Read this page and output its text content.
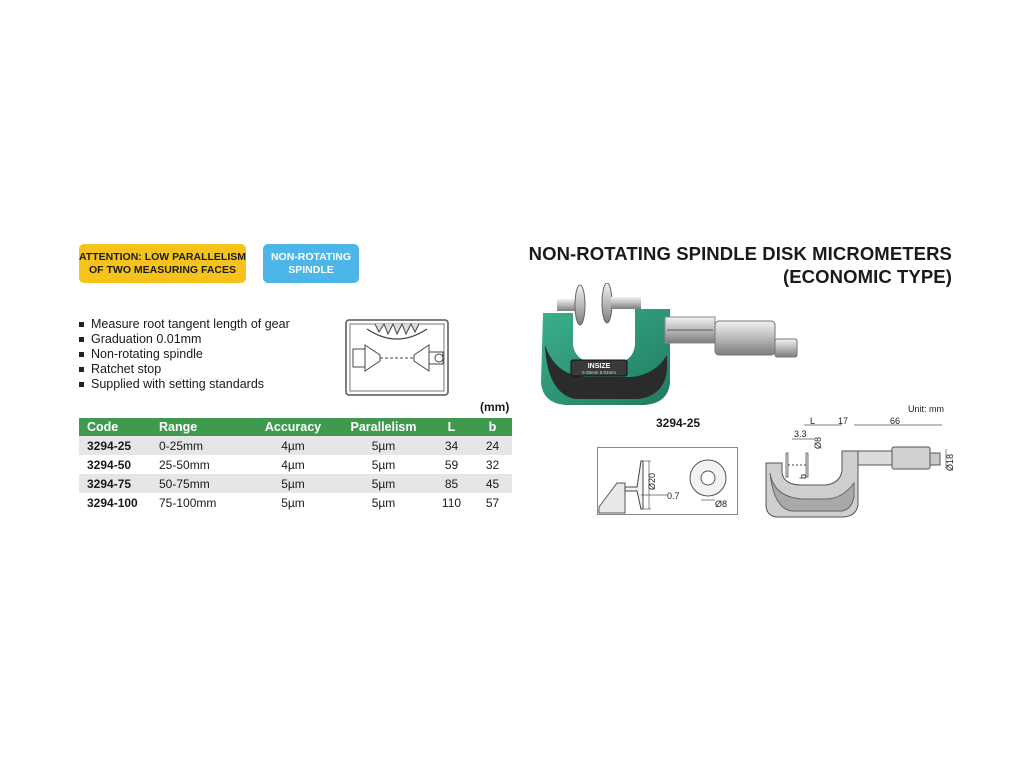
ATTENTION: LOW PARALLELISM
OF TWO MEASURING FACES
NON-ROTATING
SPINDLE
NON-ROTATING SPINDLE DISK MICROMETERS
(ECONOMIC TYPE)
Measure root tangent length of gear
Graduation 0.01mm
Non-rotating spindle
Ratchet stop
Supplied with setting standards
(mm)
Code	Range	Accuracy	Parallelism	L	b
3294-25	0-25mm	4µm	5µm	34	24
3294-50	25-50mm	4µm	5µm	59	32
3294-75	50-75mm	5µm	5µm	85	45
3294-100	75-100mm	5µm	5µm	110	57
INSIZE
0-25mm 0.01mm
3294-25
Ø20
0.7
Ø8
Unit: mm
L	17	66
3.3
Ø8
b
Ø18
